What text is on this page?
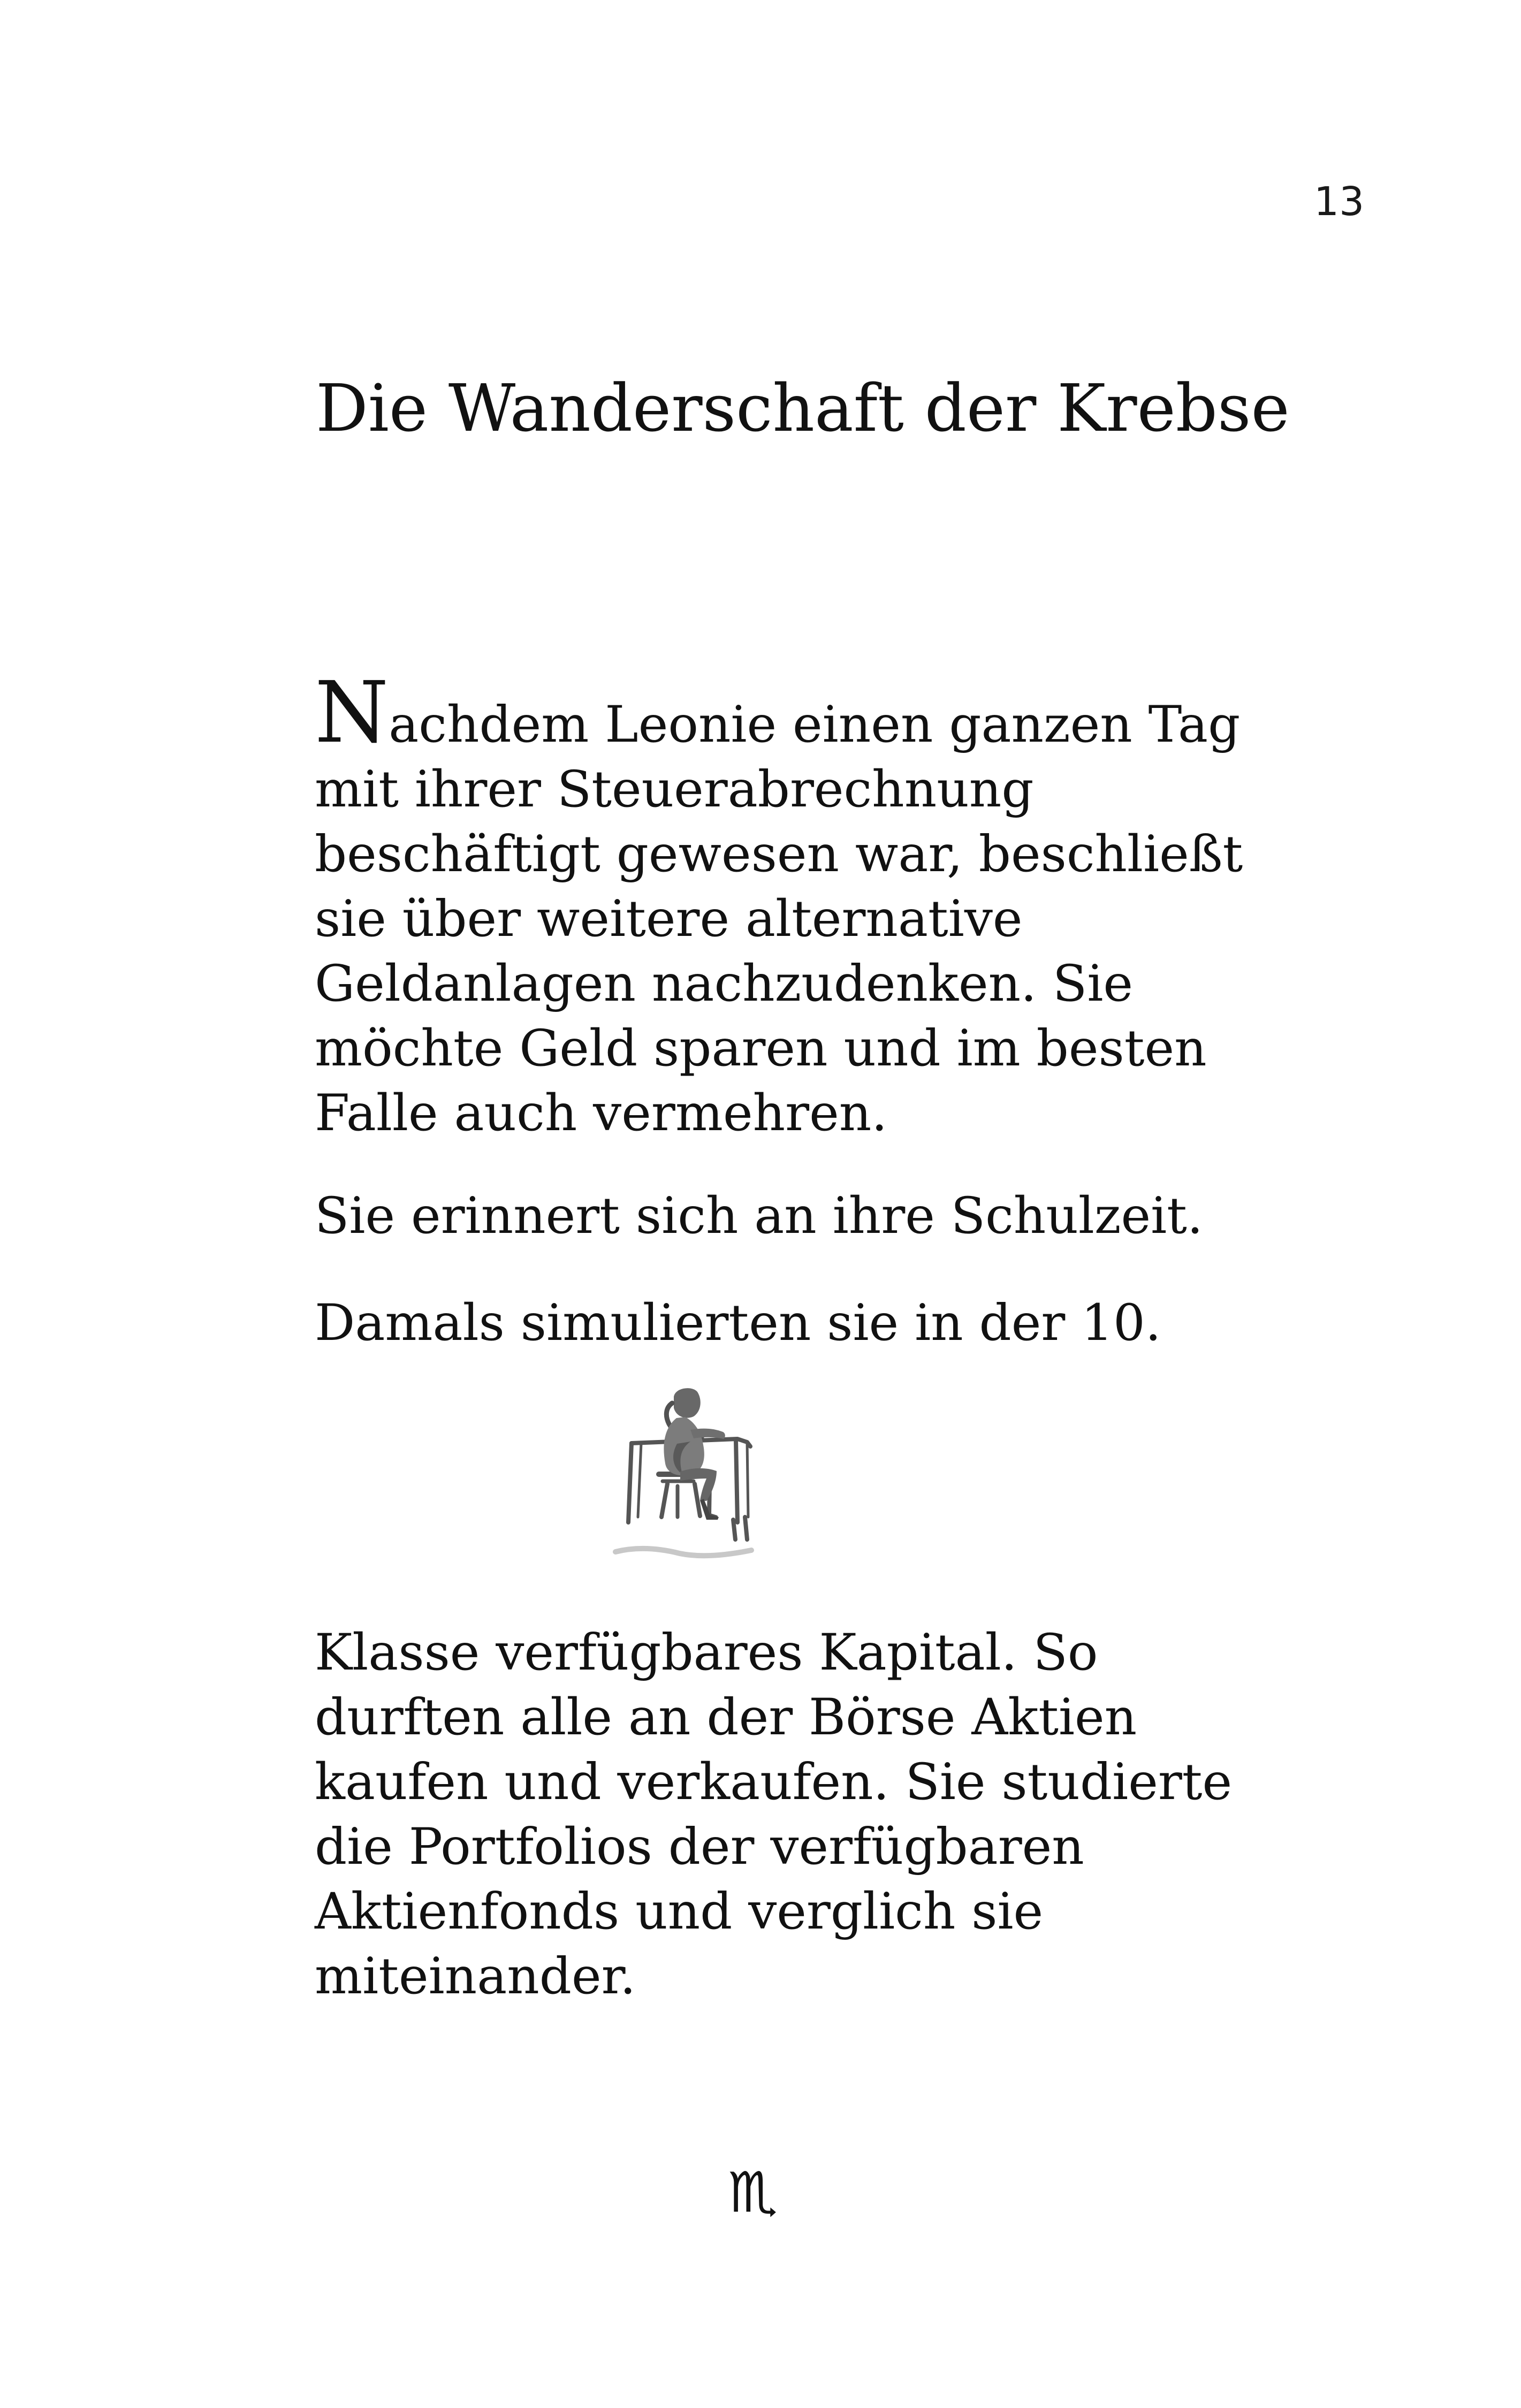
13
Die Wanderschaft der Krebse

Nachdem Leonie einen ganzen Tag
mit ihrer Steuerabrechnung
beschäftigt gewesen war, beschließt
sie über weitere alternative
Geldanlagen nachzudenken. Sie
möchte Geld sparen und im besten
Falle auch vermehren.

Sie erinnert sich an ihre Schulzeit.

Damals simulierten sie in der 10.

Klasse verfügbares Kapital. So
durften alle an der Börse Aktien
kaufen und verkaufen. Sie studierte
die Portfolios der verfügbaren
Aktienfonds und verglich sie
miteinander.

♏
